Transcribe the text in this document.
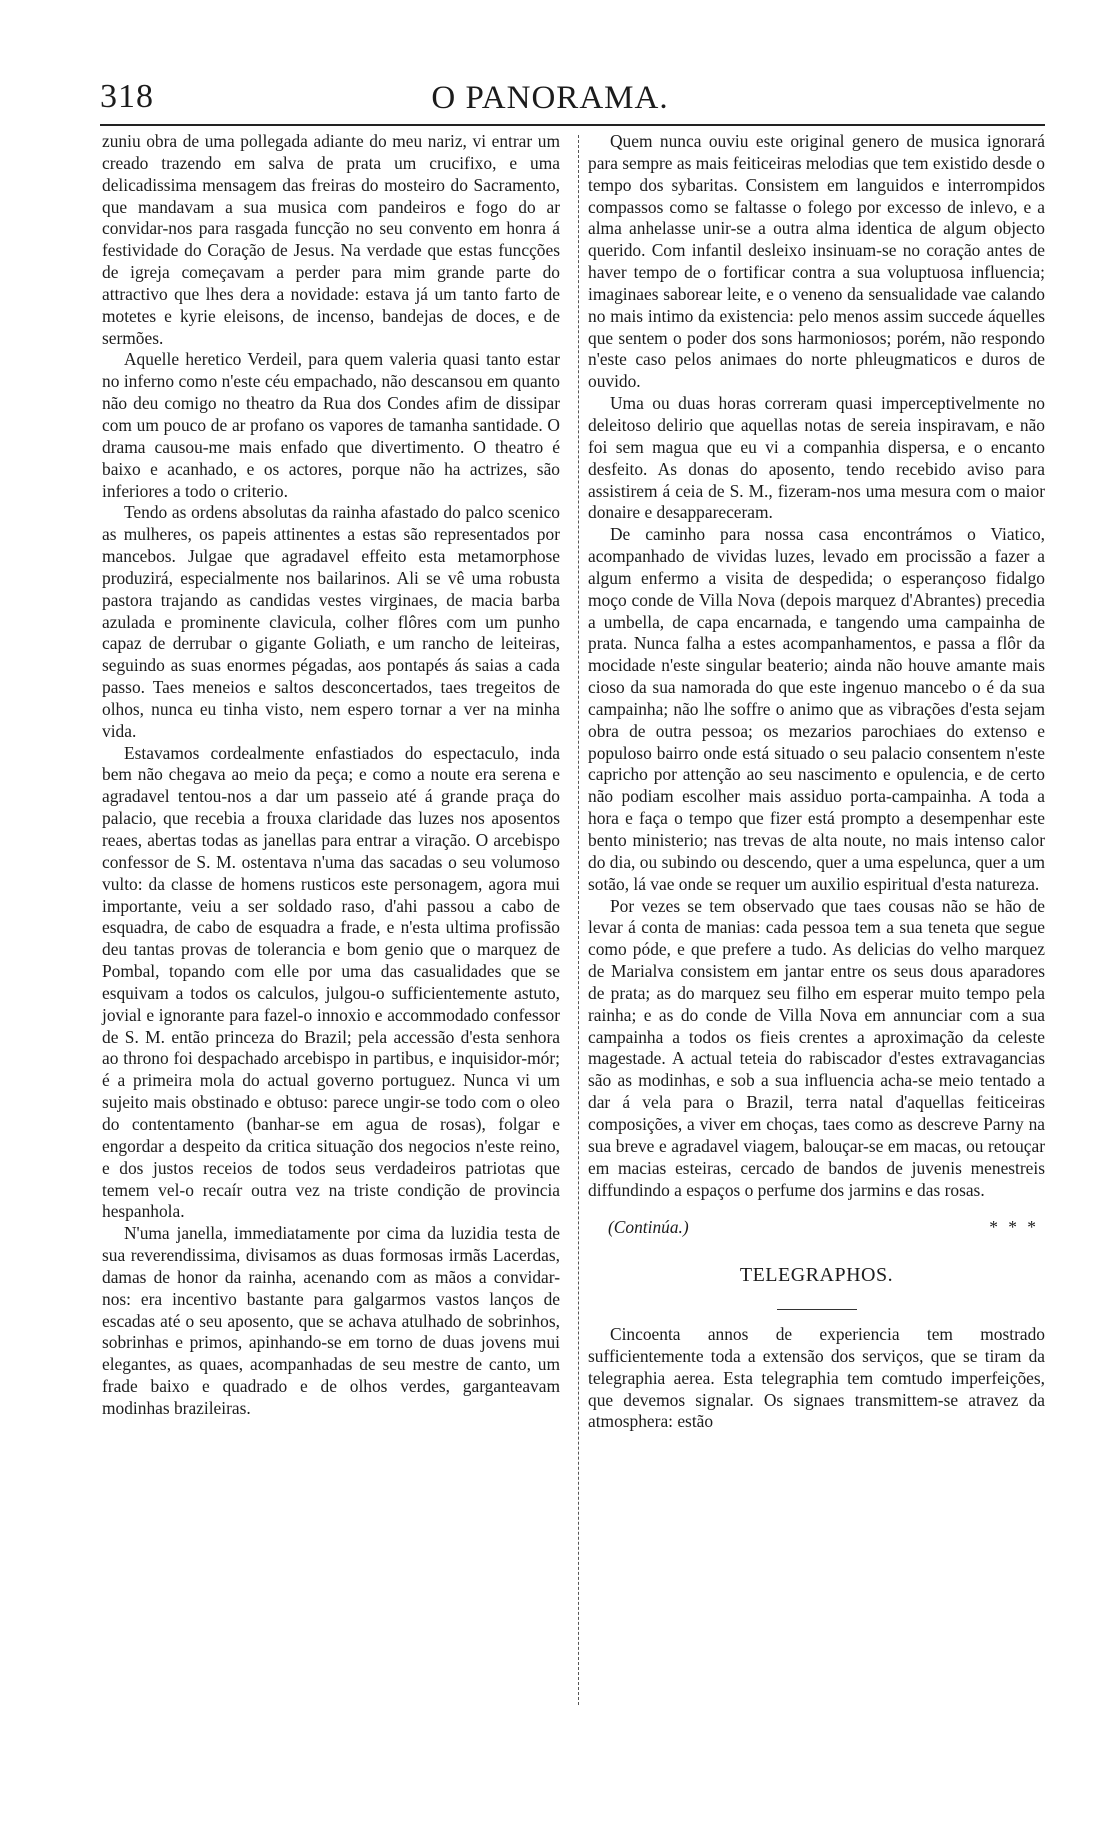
318	O PANORAMA.

zuniu obra de uma pollegada adiante do meu nariz, vi entrar um creado trazendo em salva de prata um crucifixo, e uma delicadissima mensagem das freiras do mosteiro do Sacramento, que mandavam a sua musica com pandeiros e fogo do ar convidar-nos para rasgada funcção no seu convento em honra á festividade do Coração de Jesus. Na verdade que estas funcções de igreja começavam a perder para mim grande parte do attractivo que lhes dera a novidade: estava já um tanto farto de motetes e kyrie eleisons, de incenso, bandejas de doces, e de sermões.

Aquelle heretico Verdeil, para quem valeria quasi tanto estar no inferno como n'este céu empachado, não descansou em quanto não deu comigo no theatro da Rua dos Condes afim de dissipar com um pouco de ar profano os vapores de tamanha santidade. O drama causou-me mais enfado que divertimento. O theatro é baixo e acanhado, e os actores, porque não ha actrizes, são inferiores a todo o criterio.

Tendo as ordens absolutas da rainha afastado do palco scenico as mulheres, os papeis attinentes a estas são representados por mancebos. Julgae que agradavel effeito esta metamorphose produzirá, especialmente nos bailarinos. Ali se vê uma robusta pastora trajando as candidas vestes virginaes, de macia barba azulada e prominente clavicula, colher flôres com um punho capaz de derrubar o gigante Goliath, e um rancho de leiteiras, seguindo as suas enormes pégadas, aos pontapés ás saias a cada passo. Taes meneios e saltos desconcertados, taes tregeitos de olhos, nunca eu tinha visto, nem espero tornar a ver na minha vida.

Estavamos cordealmente enfastiados do espectaculo, inda bem não chegava ao meio da peça; e como a noute era serena e agradavel tentou-nos a dar um passeio até á grande praça do palacio, que recebia a frouxa claridade das luzes nos aposentos reaes, abertas todas as janellas para entrar a viração. O arcebispo confessor de S. M. ostentava n'uma das sacadas o seu volumoso vulto: da classe de homens rusticos este personagem, agora mui importante, veiu a ser soldado raso, d'ahi passou a cabo de esquadra, de cabo de esquadra a frade, e n'esta ultima profissão deu tantas provas de tolerancia e bom genio que o marquez de Pombal, topando com elle por uma das casualidades que se esquivam a todos os calculos, julgou-o sufficientemente astuto, jovial e ignorante para fazel-o innoxio e accommodado confessor de S. M. então princeza do Brazil; pela accessão d'esta senhora ao throno foi despachado arcebispo in partibus, e inquisidor-mór; é a primeira mola do actual governo portuguez. Nunca vi um sujeito mais obstinado e obtuso: parece ungir-se todo com o oleo do contentamento (banhar-se em agua de rosas), folgar e engordar a despeito da critica situação dos negocios n'este reino, e dos justos receios de todos seus verdadeiros patriotas que temem vel-o recaír outra vez na triste condição de provincia hespanhola.

N'uma janella, immediatamente por cima da luzidia testa de sua reverendissima, divisamos as duas formosas irmãs Lacerdas, damas de honor da rainha, acenando com as mãos a convidar-nos: era incentivo bastante para galgarmos vastos lanços de escadas até o seu aposento, que se achava atulhado de sobrinhos, sobrinhas e primos, apinhando-se em torno de duas jovens mui elegantes, as quaes, acompanhadas de seu mestre de canto, um frade baixo e quadrado e de olhos verdes, garganteavam modinhas brazileiras.

Quem nunca ouviu este original genero de musica ignorará para sempre as mais feiticeiras melodias que tem existido desde o tempo dos sybaritas. Consistem em languidos e interrompidos compassos como se faltasse o folego por excesso de inlevo, e a alma anhelasse unir-se a outra alma identica de algum objecto querido. Com infantil desleixo insinuam-se no coração antes de haver tempo de o fortificar contra a sua voluptuosa influencia; imaginaes saborear leite, e o veneno da sensualidade vae calando no mais intimo da existencia: pelo menos assim succede áquelles que sentem o poder dos sons harmoniosos; porém, não respondo n'este caso pelos animaes do norte phleugmaticos e duros de ouvido.

Uma ou duas horas correram quasi imperceptivelmente no deleitoso delirio que aquellas notas de sereia inspiravam, e não foi sem magua que eu vi a companhia dispersa, e o encanto desfeito. As donas do aposento, tendo recebido aviso para assistirem á ceia de S. M., fizeram-nos uma mesura com o maior donaire e desappareceram.

De caminho para nossa casa encontrámos o Viatico, acompanhado de vividas luzes, levado em procissão a fazer a algum enfermo a visita de despedida; o esperançoso fidalgo moço conde de Villa Nova (depois marquez d'Abrantes) precedia a umbella, de capa encarnada, e tangendo uma campainha de prata. Nunca falha a estes acompanhamentos, e passa a flôr da mocidade n'este singular beaterio; ainda não houve amante mais cioso da sua namorada do que este ingenuo mancebo o é da sua campainha; não lhe soffre o animo que as vibrações d'esta sejam obra de outra pessoa; os mezarios parochiaes do extenso e populoso bairro onde está situado o seu palacio consentem n'este capricho por attenção ao seu nascimento e opulencia, e de certo não podiam escolher mais assiduo porta-campainha. A toda a hora e faça o tempo que fizer está prompto a desempenhar este bento ministerio; nas trevas de alta noute, no mais intenso calor do dia, ou subindo ou descendo, quer a uma espelunca, quer a um sotão, lá vae onde se requer um auxilio espiritual d'esta natureza.

Por vezes se tem observado que taes cousas não se hão de levar á conta de manias: cada pessoa tem a sua teneta que segue como póde, e que prefere a tudo. As delicias do velho marquez de Marialva consistem em jantar entre os seus dous aparadores de prata; as do marquez seu filho em esperar muito tempo pela rainha; e as do conde de Villa Nova em annunciar com a sua campainha a todos os fieis crentes a aproximação da celeste magestade. A actual teteia do rabiscador d'estes extravagancias são as modinhas, e sob a sua influencia acha-se meio tentado a dar á vela para o Brazil, terra natal d'aquellas feiticeiras composições, a viver em choças, taes como as descreve Parny na sua breve e agradavel viagem, balouçar-se em macas, ou retouçar em macias esteiras, cercado de bandos de juvenis menestreis diffundindo a espaços o perfume dos jarmins e das rosas.

(Continúa.)	* * *
TELEGRAPHOS.

Cincoenta annos de experiencia tem mostrado sufficientemente toda a extensão dos serviços, que se tiram da telegraphia aerea. Esta telegraphia tem comtudo imperfeições, que devemos signalar. Os signaes transmittem-se atravez da atmosphera: estão
